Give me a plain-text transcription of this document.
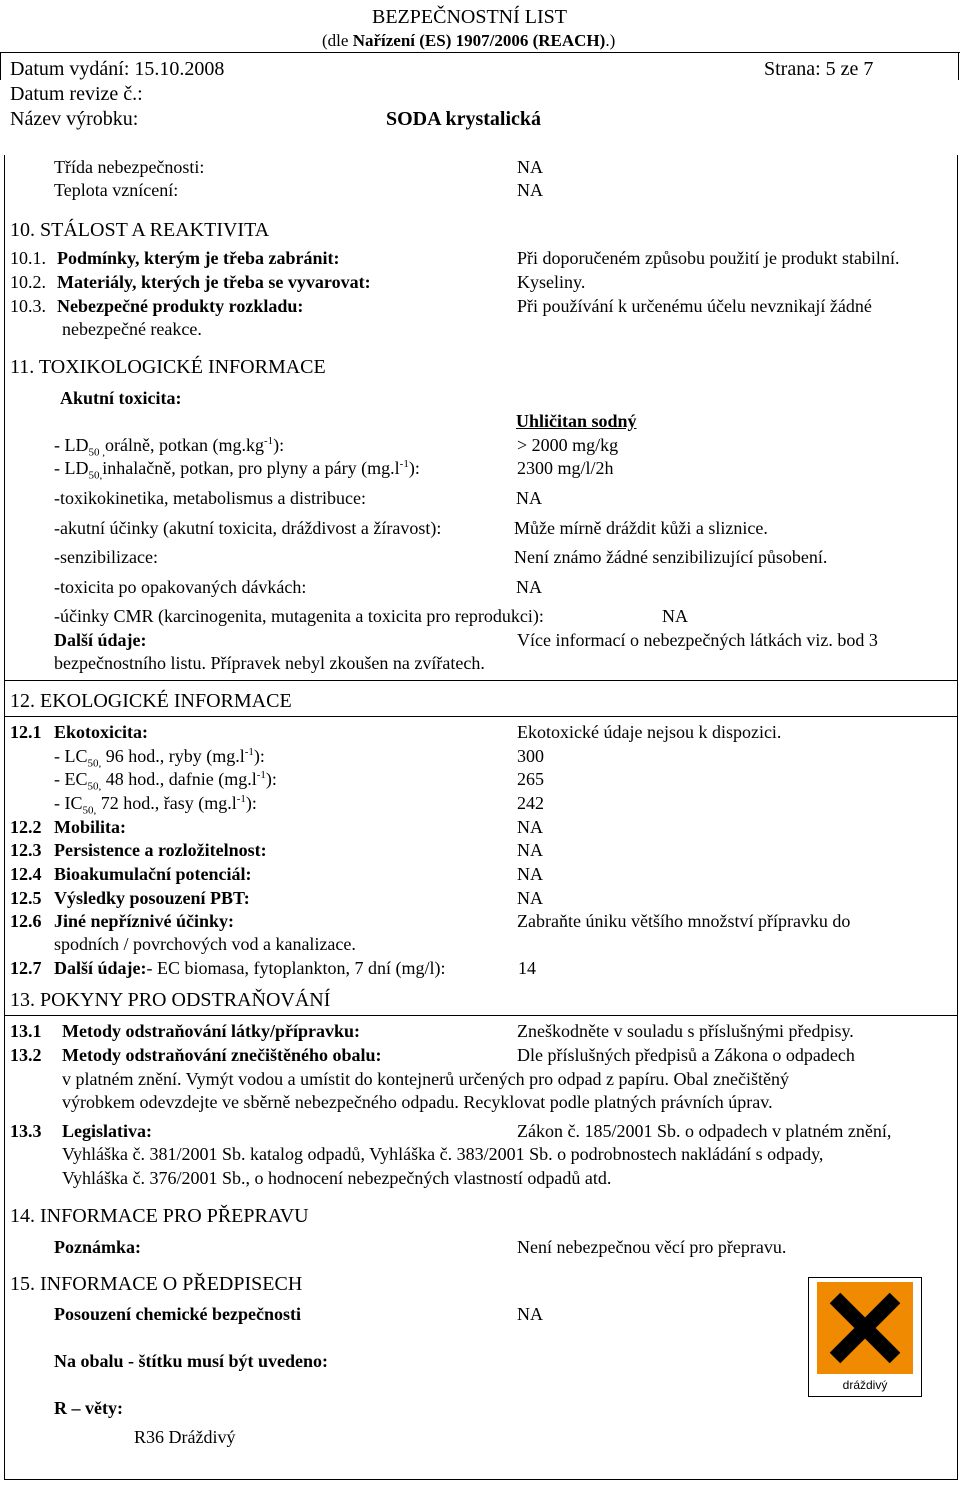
BEZPEČNOSTNÍ LIST
(dle Nařízení (ES) 1907/2006 (REACH).)
Datum vydání: 15.10.2008	Strana: 5 ze 7
Datum revize č.:
Název výrobku:	SODA krystalická
Třída nebezpečnosti:	NA
Teplota vznícení:	NA
10. STÁLOST A REAKTIVITA
10.1. Podmínky, kterým je třeba zabránit:	Při doporučeném způsobu použití je produkt stabilní.
10.2. Materiály, kterých je třeba se vyvarovat:	Kyseliny.
10.3. Nebezpečné produkty rozkladu:	Při používání k určenému účelu nevznikají žádné
nebezpečné reakce.
11. TOXIKOLOGICKÉ INFORMACE
Akutní toxicita:
Uhličitan sodný
- $LD_{50 ,}orá\ln ě$, potkan $(mg.kg^{-1})$:	> 2000 mg/kg
- $LD_{50,}inhalačně$, potkan, pro plyny a páry $(mg.l^{-1})$:	2300 mg/l/2h
-toxikokinetika, metabolismus a distribuce:	NA
-akutní účinky (akutní toxicita, dráždivost a žíravost):	Může mírně dráždit kůži a sliznice.
-senzibilizace:	Není známo žádné senzibilizující působení.
-toxicita po opakovaných dávkách:	NA
-účinky CMR (karcinogenita, mutagenita a toxicita pro reprodukci):	NA
Další údaje:	Více informací o nebezpečných látkách viz. bod 3
bezpečnostního listu. Přípravek nebyl zkoušen na zvířatech.
12. EKOLOGICKÉ INFORMACE
12.1 Ekotoxicita:	Ekotoxické údaje nejsou k dispozici.
- $LC_{50,}$ 96 hod., ryby $(mg.l^{-1})$:	300
- $EC_{50,}$ 48 hod., dafnie $(mg.l^{-1})$:	265
- $IC_{50,}$ 72 hod., řasy $(mg.l^{-1})$:	242
12.2 Mobilita:	NA
12.3 Persistence a rozložitelnost:	NA
12.4 Bioakumulační potenciál:	NA
12.5 Výsledky posouzení PBT:	NA
12.6 Jiné nepříznivé účinky:	Zabraňte úniku většího množství přípravku do
spodních / povrchových vod a kanalizace.
12.7 Další údaje:- EC biomasa, fytoplankton, 7 dní (mg/l):	14
13. POKYNY PRO ODSTRAŇOVÁNÍ
13.1 Metody odstraňování látky/přípravku:	Zneškodněte v souladu s příslušnými předpisy.
13.2 Metody odstraňování znečištěného obalu:	Dle příslušných předpisů a Zákona o odpadech
v platném znění. Vymýt vodou a umístit do kontejnerů určených pro odpad z papíru. Obal znečištěný
výrobkem odevzdejte ve sběrně nebezpečného odpadu. Recyklovat podle platných právních úprav.
13.3 Legislativa:	Zákon č. 185/2001 Sb. o odpadech v platném znění,
Vyhláška č. 381/2001 Sb. katalog odpadů, Vyhláška č. 383/2001 Sb. o podrobnostech nakládání s odpady,
Vyhláška č. 376/2001 Sb., o hodnocení nebezpečných vlastností odpadů atd.
14. INFORMACE PRO PŘEPRAVU
Poznámka:	Není nebezpečnou věcí pro přepravu.
15. INFORMACE O PŘEDPISECH
Posouzení chemické bezpečnosti	NA
Na obalu - štítku musí být uvedeno:
R – věty:
R36 Dráždivý
dráždivý
